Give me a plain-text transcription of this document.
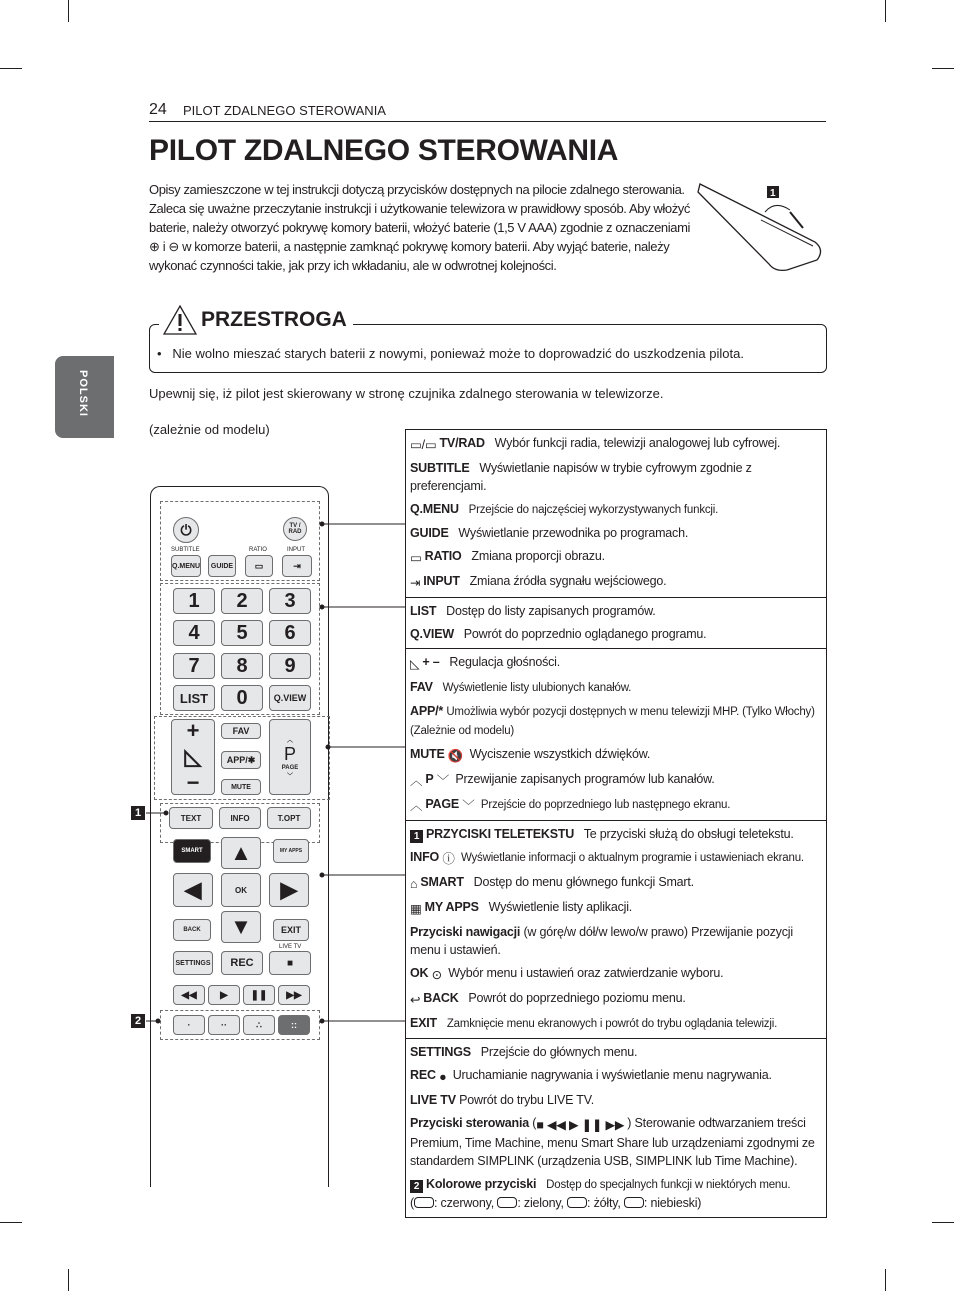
24 PILOT ZDALNEGO STEROWANIA
PILOT ZDALNEGO STEROWANIA
Opisy zamieszczone w tej instrukcji dotyczą przycisków dostępnych na pilocie zdalnego sterowania. Zaleca się uważne przeczytanie instrukcji i użytkowanie telewizora w prawidłowy sposób. Aby włożyć baterie, należy otworzyć pokrywę komory baterii, włożyć baterie (1,5 V AAA) zgodnie z oznaczeniami ⊕ i ⊖ w komorze baterii, a następnie zamknąć pokrywę komory baterii. Aby wyjąć baterie, należy wykonać czynności takie, jak przy ich wkładaniu, ale w odwrotnej kolejności.
1
POLSKI
PRZESTROGA
•   Nie wolno mieszać starych baterii z nowymi, ponieważ może to doprowadzić do uszkodzenia pilota.
Upewnij się, iż pilot jest skierowany w stronę czujnika zdalnego sterowania w telewizorze.
(zależnie od modelu)
▭/▭ TV/RAD Wybór funkcji radia, telewizji analogowej lub cyfrowej.
SUBTITLE Wyświetlanie napisów w trybie cyfrowym zgodnie z preferencjami.
Q.MENU Przejście do najczęściej wykorzystywanych funkcji.
GUIDE Wyświetlanie przewodnika po programach.
▭ RATIO Zmiana proporcji obrazu.
⇥ INPUT Zmiana źródła sygnału wejściowego.
LIST Dostęp do listy zapisanych programów.
Q.VIEW Powrót do poprzednio oglądanego programu.
◺ + – Regulacja głośności.
FAV Wyświetlenie listy ulubionych kanałów.
APP/* Umożliwia wybór pozycji dostępnych w menu telewizji MHP. (Tylko Włochy) (Zależnie od modelu)
MUTE 🔇 Wyciszenie wszystkich dźwięków.
︿ P ﹀ Przewijanie zapisanych programów lub kanałów.
︿ PAGE ﹀ Przejście do poprzedniego lub następnego ekranu.
1 PRZYCISKI TELETEKSTU Te przyciski służą do obsługi teletekstu.
INFO ⓘ Wyświetlanie informacji o aktualnym programie i ustawieniach ekranu.
⌂ SMART Dostęp do menu głównego funkcji Smart.
▦ MY APPS Wyświetlenie listy aplikacji.
Przyciski nawigacji (w górę/w dół/w lewo/w prawo) Przewijanie pozycji menu i ustawień.
OK ⊙ Wybór menu i ustawień oraz zatwierdzanie wyboru.
↩ BACK Powrót do poprzedniego poziomu menu.
EXIT Zamknięcie menu ekranowych i powrót do trybu oglądania telewizji.
SETTINGS Przejście do głównych menu.
REC ● Uruchamianie nagrywania i wyświetlanie menu nagrywania.
LIVE TV Powrót do trybu LIVE TV.
Przyciski sterowania (■ ◀◀ ▶ ❚❚ ▶▶ ) Sterowanie odtwarzaniem treści Premium, Time Machine, menu Smart Share lub urządzeniami zgodnymi ze standardem SIMPLINK (urządzenia USB, SIMPLINK lub Time Machine).
2 Kolorowe przyciski Dostęp do specjalnych funkcji w niektórych menu.
( : czerwony, : zielony, : żółty, : niebieski)
⏻	TV / RAD
SUBTITLE	RATIO	INPUT
Q.MENU	GUIDE	▭	⇥
1	2	3
4	5	6
7	8	9
LIST	0	Q.VIEW
+
◺
−
FAV
APP/✱
MUTE
︿

P
PAGE
﹀
TEXT	INFO	T.OPT
SMART	MY APPS
▲
◀	OK	▶
▼
BACK	EXIT
LIVE TV
SETTINGS	REC	■
◀◀	▶	❚❚	▶▶
·	··	∴	::
1
2
